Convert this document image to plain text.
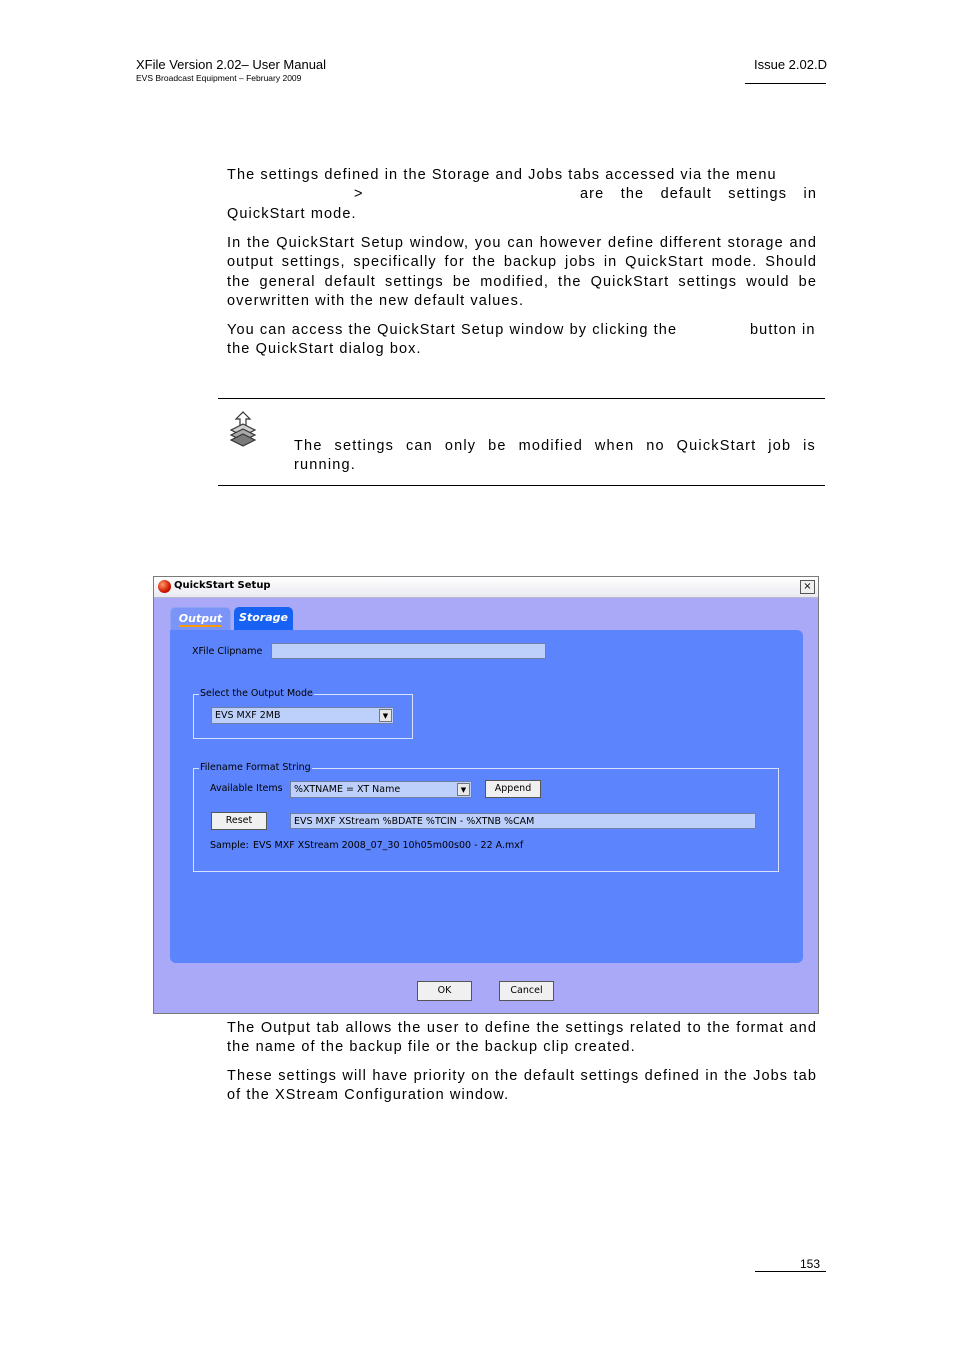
XFile Version 2.02– User Manual
EVS Broadcast Equipment – February 2009
Issue 2.02.D
The settings defined in the Storage and Jobs tabs accessed via the menu
>	are the default settings in
QuickStart mode.
In the QuickStart Setup window, you can however define different storage and output settings, specifically for the backup jobs in QuickStart mode. Should the general default settings be modified, the QuickStart settings would be overwritten with the new default values.
You can access the QuickStart Setup window by clicking the	button in
the QuickStart dialog box.
The settings can only be modified when no QuickStart job is running.
QuickStart Setup	×
Output	Storage
XFile Clipname
Select the Output Mode
EVS MXF 2MB	▼
Filename Format String
Available Items	%XTNAME = XT Name	▼	Append
Reset	EVS MXF XStream %BDATE %TCIN - %XTNB %CAM
Sample: EVS MXF XStream 2008_07_30 10h05m00s00 - 22 A.mxf
OK	Cancel
The Output tab allows the user to define the settings related to the format and the name of the backup file or the backup clip created.
These settings will have priority on the default settings defined in the Jobs tab of the XStream Configuration window.
153
